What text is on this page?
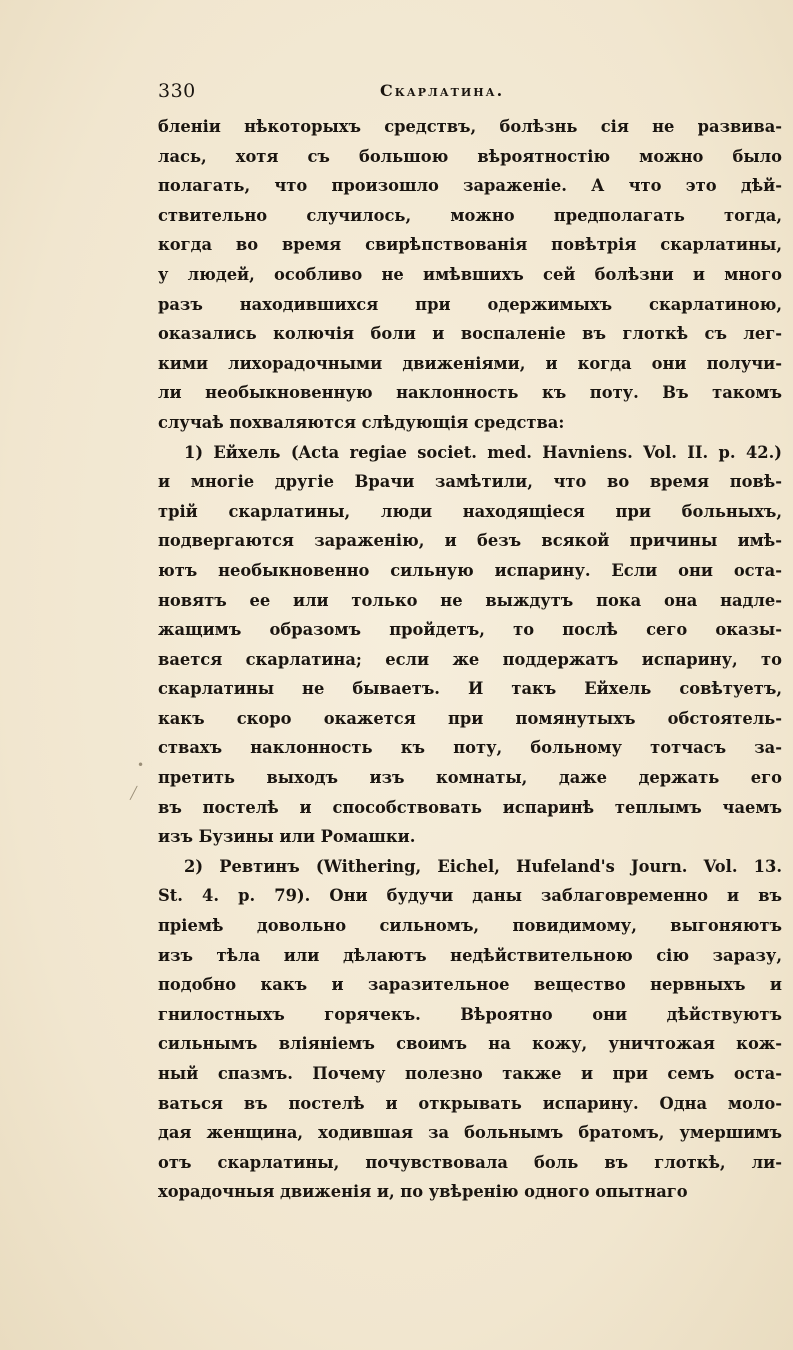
330	Скарлатина.
бленіи нѣкоторыхъ средствъ, болѣзнь сія не развива-
лась, хотя съ большою вѣроятностію можно было
полагать, что произошло зараженіе. А что это дѣй-
ствительно случилось, можно предполагать тогда,
когда во время свирѣпствованія повѣтрія скарлатины,
у людей, особливо не имѣвшихъ сей болѣзни и много
разъ находившихся при одержимыхъ скарлатиною,
оказались колючія боли и воспаленіе въ глоткѣ съ лег-
кими лихорадочными движеніями, и когда они получи-
ли необыкновенную наклонность къ поту. Въ такомъ
случаѣ похваляются слѣдующія средства:
1) Ейхель (Acta regiae societ. med. Havniens. Vol. II. p. 42.)
и многіе другіе Врачи замѣтили, что во время повѣ-
трій скарлатины, люди находящіеся при больныхъ,
подвергаются зараженію, и безъ всякой причины имѣ-
ютъ необыкновенно сильную испарину. Если они оста-
новятъ ее или только не выждутъ пока она надле-
жащимъ образомъ пройдетъ, то послѣ сего оказы-
вается скарлатина; если же поддержатъ испарину, то
скарлатины не бываетъ. И такъ Ейхель совѣтуетъ,
какъ скоро окажется при помянутыхъ обстоятель-
ствахъ наклонность къ поту, больному тотчасъ за-
претить выходъ изъ комнаты, даже держать его
въ постелѣ и способствовать испаринѣ теплымъ чаемъ
изъ Бузины или Ромашки.
2) Ревтинъ (Withering, Eichel, Hufeland's Journ. Vol. 13.
St. 4. p. 79). Они будучи даны заблаговременно и въ
пріемѣ довольно сильномъ, повидимому, выгоняютъ
изъ тѣла или дѣлаютъ недѣйствительною сію заразу,
подобно какъ и заразительное вещество нервныхъ и
гнилостныхъ горячекъ. Вѣроятно они дѣйствуютъ
сильнымъ вліяніемъ своимъ на кожу, уничтожая кож-
ный спазмъ. Почему полезно также и при семъ оста-
ваться въ постелѣ и открывать испарину. Одна моло-
дая женщина, ходившая за больнымъ братомъ, умершимъ
отъ скарлатины, почувствовала боль въ глоткѣ, ли-
хорадочныя движенія и, по увѣренію одного опытнаго
•
╱
